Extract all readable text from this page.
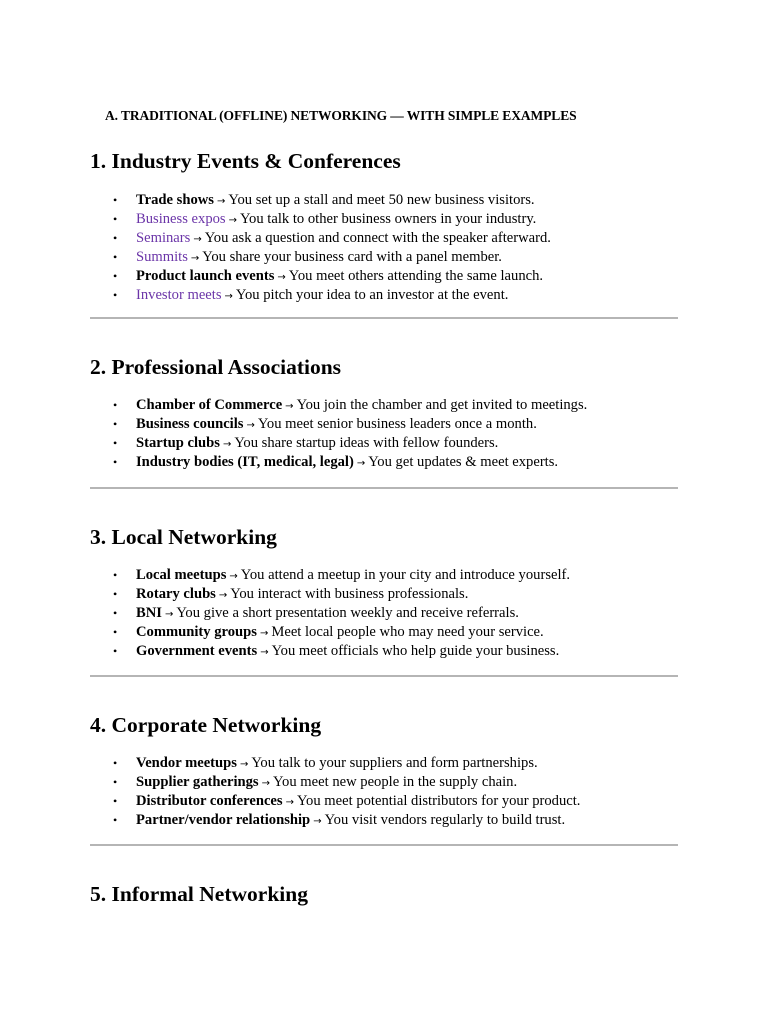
A. TRADITIONAL (OFFLINE) NETWORKING — WITH SIMPLE EXAMPLES
1. Industry Events & Conferences
• Trade shows → You set up a stall and meet 50 new business visitors.
• Business expos → You talk to other business owners in your industry.
• Seminars → You ask a question and connect with the speaker afterward.
• Summits → You share your business card with a panel member.
• Product launch events → You meet others attending the same launch.
• Investor meets → You pitch your idea to an investor at the event.
2. Professional Associations
• Chamber of Commerce → You join the chamber and get invited to meetings.
• Business councils → You meet senior business leaders once a month.
• Startup clubs → You share startup ideas with fellow founders.
• Industry bodies (IT, medical, legal) → You get updates & meet experts.
3. Local Networking
• Local meetups → You attend a meetup in your city and introduce yourself.
• Rotary clubs → You interact with business professionals.
• BNI → You give a short presentation weekly and receive referrals.
• Community groups → Meet local people who may need your service.
• Government events → You meet officials who help guide your business.
4. Corporate Networking
• Vendor meetups → You talk to your suppliers and form partnerships.
• Supplier gatherings → You meet new people in the supply chain.
• Distributor conferences → You meet potential distributors for your product.
• Partner/vendor relationship → You visit vendors regularly to build trust.
5. Informal Networking
